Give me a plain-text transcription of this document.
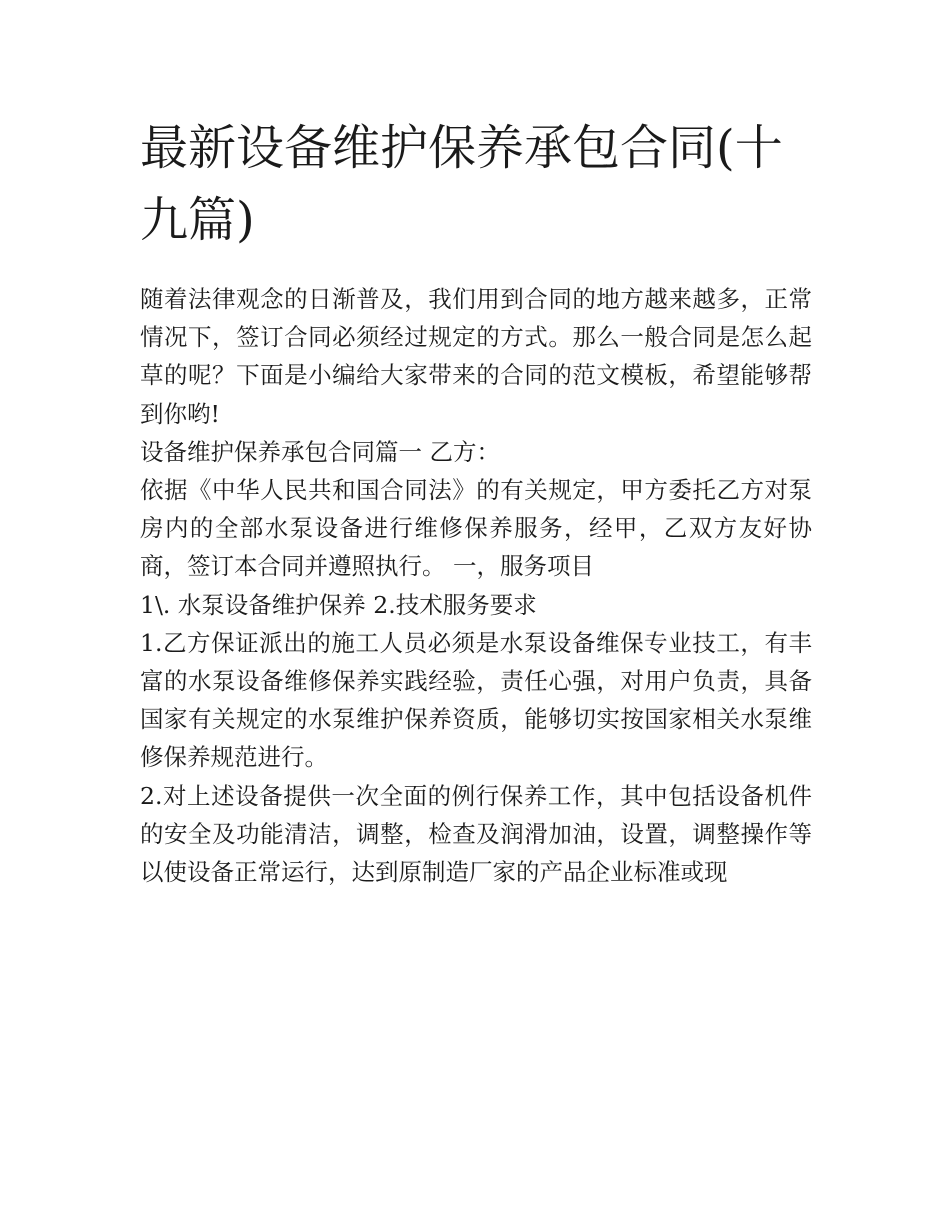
最新设备维护保养承包合同(十九篇)

随着法律观念的日渐普及，我们用到合同的地方越来越多，正常情况下，签订合同必须经过规定的方式。那么一般合同是怎么起草的呢？下面是小编给大家带来的合同的范文模板，希望能够帮到你哟!

设备维护保养承包合同篇一 乙方：

依据《中华人民共和国合同法》的有关规定，甲方委托乙方对泵房内的全部水泵设备进行维修保养服务，经甲，乙双方友好协商，签订本合同并遵照执行。 一，服务项目

1\. 水泵设备维护保养 2.技术服务要求

1.乙方保证派出的施工人员必须是水泵设备维保专业技工，有丰富的水泵设备维修保养实践经验，责任心强，对用户负责，具备国家有关规定的水泵维护保养资质，能够切实按国家相关水泵维修保养规范进行。

2.对上述设备提供一次全面的例行保养工作，其中包括设备机件的安全及功能清洁，调整，检查及润滑加油，设置，调整操作等以使设备正常运行，达到原制造厂家的产品企业标准或现
